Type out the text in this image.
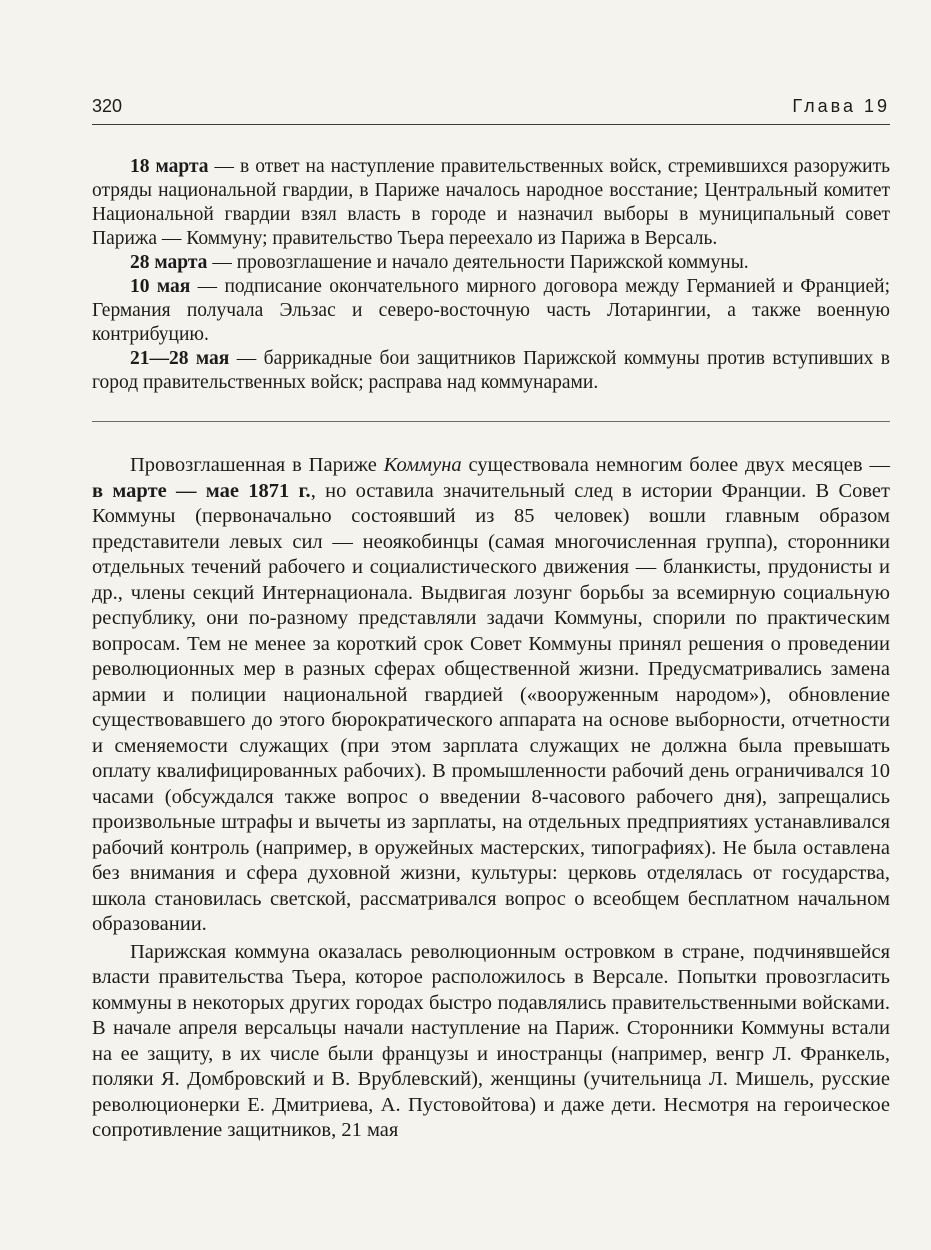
320	Глава 19

18 марта — в ответ на наступление правительственных войск, стремившихся разоружить отряды национальной гвардии, в Париже началось народное восстание; Центральный комитет Национальной гвардии взял власть в городе и назначил выборы в муниципальный совет Парижа — Коммуну; правительство Тьера переехало из Парижа в Версаль.

28 марта — провозглашение и начало деятельности Парижской коммуны.

10 мая — подписание окончательного мирного договора между Германией и Францией; Германия получала Эльзас и северо-восточную часть Лотарингии, а также военную контрибуцию.

21—28 мая — баррикадные бои защитников Парижской коммуны против вступивших в город правительственных войск; расправа над коммунарами.

Провозглашенная в Париже Коммуна существовала немногим более двух месяцев — в марте — мае 1871 г., но оставила значительный след в истории Франции. В Совет Коммуны (первоначально состоявший из 85 человек) вошли главным образом представители левых сил — неоякобинцы (самая многочисленная группа), сторонники отдельных течений рабочего и социалистического движения — бланкисты, прудонисты и др., члены секций Интернационала. Выдвигая лозунг борьбы за всемирную социальную республику, они по-разному представляли задачи Коммуны, спорили по практическим вопросам. Тем не менее за короткий срок Совет Коммуны принял решения о проведении революционных мер в разных сферах общественной жизни. Предусматривались замена армии и полиции национальной гвардией («вооруженным народом»), обновление существовавшего до этого бюрократического аппарата на основе выборности, отчетности и сменяемости служащих (при этом зарплата служащих не должна была превышать оплату квалифицированных рабочих). В промышленности рабочий день ограничивался 10 часами (обсуждался также вопрос о введении 8-часового рабочего дня), запрещались произвольные штрафы и вычеты из зарплаты, на отдельных предприятиях устанавливался рабочий контроль (например, в оружейных мастерских, типографиях). Не была оставлена без внимания и сфера духовной жизни, культуры: церковь отделялась от государства, школа становилась светской, рассматривался вопрос о всеобщем бесплатном начальном образовании.

Парижская коммуна оказалась революционным островком в стране, подчинявшейся власти правительства Тьера, которое расположилось в Версале. Попытки провозгласить коммуны в некоторых других городах быстро подавлялись правительственными войсками. В начале апреля версальцы начали наступление на Париж. Сторонники Коммуны встали на ее защиту, в их числе были французы и иностранцы (например, венгр Л. Франкель, поляки Я. Домбровский и В. Врублевский), женщины (учительница Л. Мишель, русские революционерки Е. Дмитриева, А. Пустовойтова) и даже дети. Несмотря на героическое сопротивление защитников, 21 мая
